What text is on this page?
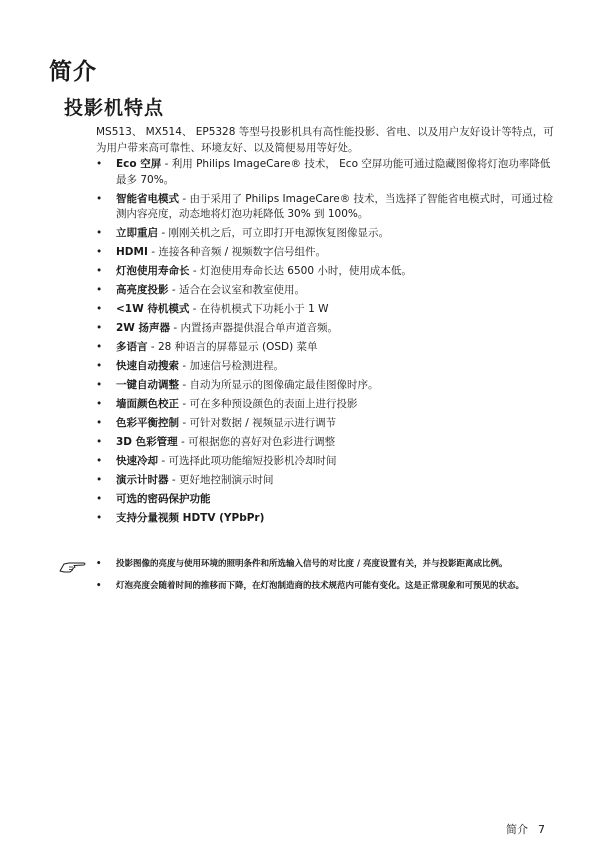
简介
投影机特点
MS513、 MX514、 EP5328 等型号投影机具有高性能投影、省电、以及用户友好设计等特点，可为用户带来高可靠性、环境友好、以及简便易用等好处。
• Eco 空屏 - 利用 Philips ImageCare® 技术， Eco 空屏功能可通过隐藏图像将灯泡功率降低最多 70%。
• 智能省电模式 - 由于采用了 Philips ImageCare® 技术，当选择了智能省电模式时，可通过检测内容亮度，动态地将灯泡功耗降低 30% 到 100%。
• 立即重启 - 刚刚关机之后，可立即打开电源恢复图像显示。
• HDMI - 连接各种音频 / 视频数字信号组件。
• 灯泡使用寿命长 - 灯泡使用寿命长达 6500 小时，使用成本低。
• 高亮度投影 - 适合在会议室和教室使用。
• <1W 待机模式 - 在待机模式下功耗小于 1 W
• 2W 扬声器 - 内置扬声器提供混合单声道音频。
• 多语言 - 28 种语言的屏幕显示 (OSD) 菜单
• 快速自动搜索 - 加速信号检测进程。
• 一键自动调整 - 自动为所显示的图像确定最佳图像时序。
• 墙面颜色校正 - 可在多种预设颜色的表面上进行投影
• 色彩平衡控制 - 可针对数据 / 视频显示进行调节
• 3D 色彩管理 - 可根据您的喜好对色彩进行调整
• 快速冷却 - 可选择此项功能缩短投影机冷却时间
• 演示计时器 - 更好地控制演示时间
• 可选的密码保护功能
• 支持分量视频 HDTV (YPbPr)
• 投影图像的亮度与使用环境的照明条件和所选输入信号的对比度 / 亮度设置有关，并与投影距离成比例。
• 灯泡亮度会随着时间的推移而下降，在灯泡制造商的技术规范内可能有变化。这是正常现象和可预见的状态。
简介 7
